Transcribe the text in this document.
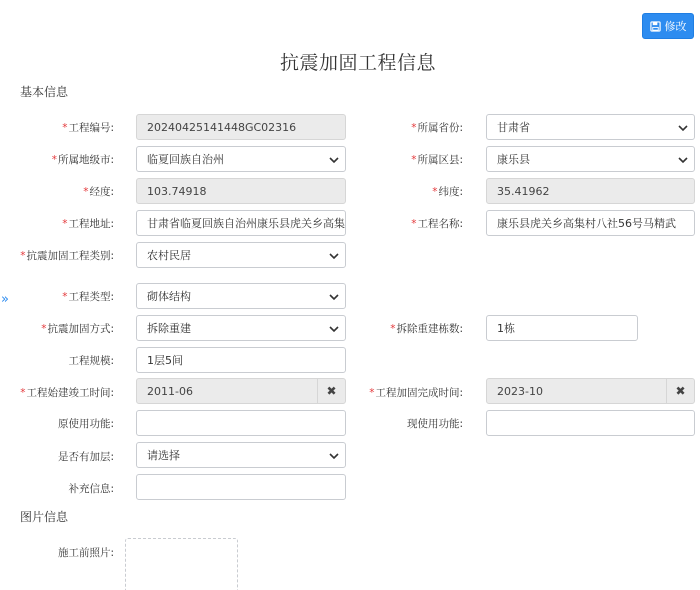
修改
抗震加固工程信息
基本信息
»
*工程编号:	20240425141448GC02316	*所属省份:	甘肃省
*所属地级市:	临夏回族自治州	*所属区县:	康乐县
*经度:	103.74918	*纬度:	35.41962
*工程地址:	甘肃省临夏回族自治州康乐县虎关乡高集	*工程名称:	康乐县虎关乡高集村八社56号马精武
*抗震加固工程类别:	农村民居
*工程类型:	砌体结构
*抗震加固方式:	拆除重建	*拆除重建栋数:	1栋
工程规模:	1层5间
*工程始建竣工时间:	2011-06	✖	*工程加固完成时间:	2023-10	✖
原使用功能:	现使用功能:
是否有加层:	请选择
补充信息:
图片信息
施工前照片:
